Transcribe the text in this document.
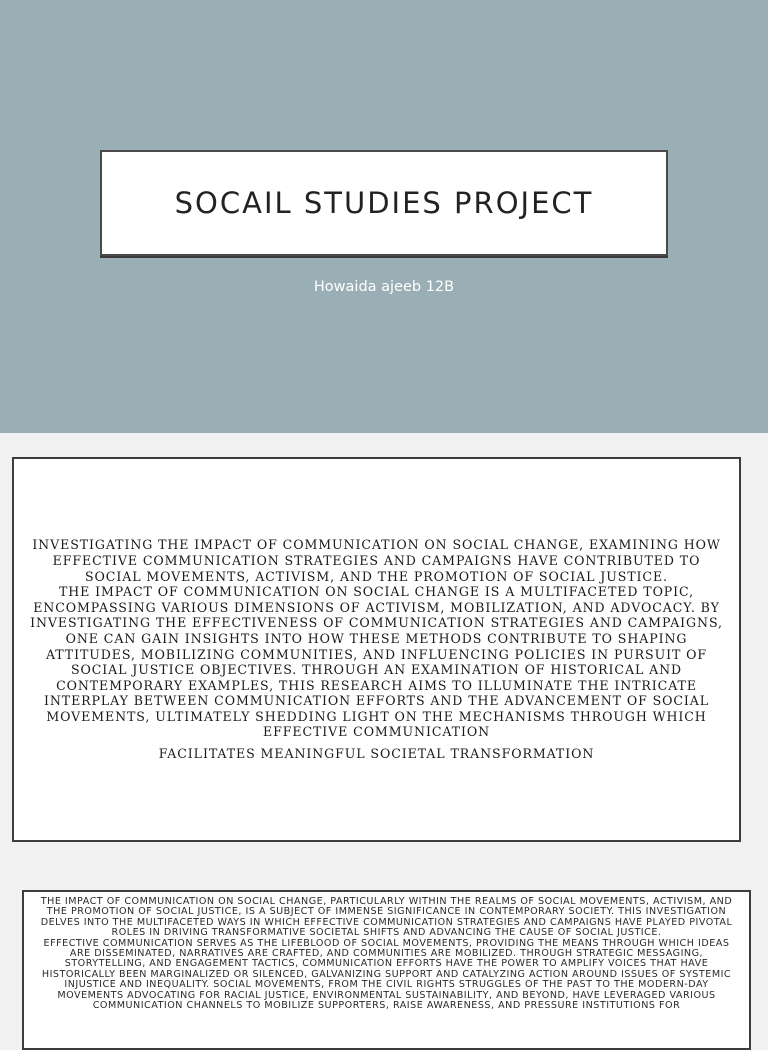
SOCAIL STUDIES PROJECT
Howaida ajeeb 12B

INVESTIGATING THE IMPACT OF COMMUNICATION ON SOCIAL CHANGE, EXAMINING HOW EFFECTIVE COMMUNICATION STRATEGIES AND CAMPAIGNS HAVE CONTRIBUTED TO SOCIAL MOVEMENTS, ACTIVISM, AND THE PROMOTION OF SOCIAL JUSTICE.

THE IMPACT OF COMMUNICATION ON SOCIAL CHANGE IS A MULTIFACETED TOPIC, ENCOMPASSING VARIOUS DIMENSIONS OF ACTIVISM, MOBILIZATION, AND ADVOCACY. BY INVESTIGATING THE EFFECTIVENESS OF COMMUNICATION STRATEGIES AND CAMPAIGNS, ONE CAN GAIN INSIGHTS INTO HOW THESE METHODS CONTRIBUTE TO SHAPING ATTITUDES, MOBILIZING COMMUNITIES, AND INFLUENCING POLICIES IN PURSUIT OF SOCIAL JUSTICE OBJECTIVES. THROUGH AN EXAMINATION OF HISTORICAL AND CONTEMPORARY EXAMPLES, THIS RESEARCH AIMS TO ILLUMINATE THE INTRICATE INTERPLAY BETWEEN COMMUNICATION EFFORTS AND THE ADVANCEMENT OF SOCIAL MOVEMENTS, ULTIMATELY SHEDDING LIGHT ON THE MECHANISMS THROUGH WHICH EFFECTIVE COMMUNICATION

FACILITATES MEANINGFUL SOCIETAL TRANSFORMATION

THE IMPACT OF COMMUNICATION ON SOCIAL CHANGE, PARTICULARLY WITHIN THE REALMS OF SOCIAL MOVEMENTS, ACTIVISM, AND THE PROMOTION OF SOCIAL JUSTICE, IS A SUBJECT OF IMMENSE SIGNIFICANCE IN CONTEMPORARY SOCIETY. THIS INVESTIGATION DELVES INTO THE MULTIFACETED WAYS IN WHICH EFFECTIVE COMMUNICATION STRATEGIES AND CAMPAIGNS HAVE PLAYED PIVOTAL ROLES IN DRIVING TRANSFORMATIVE SOCIETAL SHIFTS AND ADVANCING THE CAUSE OF SOCIAL JUSTICE.

EFFECTIVE COMMUNICATION SERVES AS THE LIFEBLOOD OF SOCIAL MOVEMENTS, PROVIDING THE MEANS THROUGH WHICH IDEAS ARE DISSEMINATED, NARRATIVES ARE CRAFTED, AND COMMUNITIES ARE MOBILIZED. THROUGH STRATEGIC MESSAGING, STORYTELLING, AND ENGAGEMENT TACTICS, COMMUNICATION EFFORTS HAVE THE POWER TO AMPLIFY VOICES THAT HAVE HISTORICALLY BEEN MARGINALIZED OR SILENCED, GALVANIZING SUPPORT AND CATALYZING ACTION AROUND ISSUES OF SYSTEMIC INJUSTICE AND INEQUALITY. SOCIAL MOVEMENTS, FROM THE CIVIL RIGHTS STRUGGLES OF THE PAST TO THE MODERN-DAY MOVEMENTS ADVOCATING FOR RACIAL JUSTICE, ENVIRONMENTAL SUSTAINABILITY, AND BEYOND, HAVE LEVERAGED VARIOUS COMMUNICATION CHANNELS TO MOBILIZE SUPPORTERS, RAISE AWARENESS, AND PRESSURE INSTITUTIONS FOR
